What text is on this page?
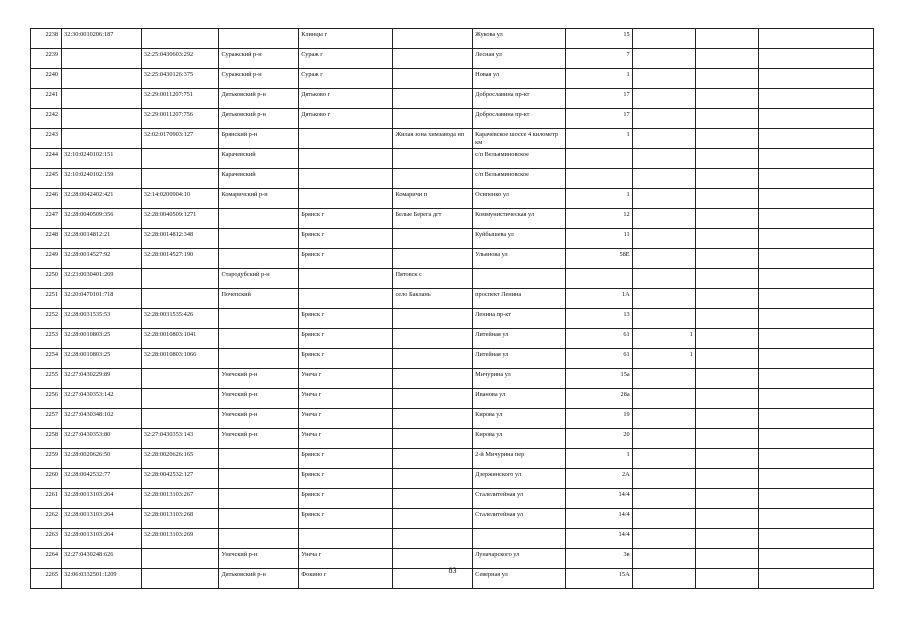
2238	32:30:0010206:187			Клинцы г		Жукова ул	15			
2239		32:25:0430603:292	Суражский р-н	Сураж г		Лесная ул	7			
2240		32:25:0430126:375	Суражский р-н	Сураж г		Новая ул	1			
2241		32:29:0011207:751	Дятьковский р-н	Дятьково г		Доброславина пр-кт	17			
2242		32:29:0011207:756	Дятьковский р-н	Дятьково г		Доброславина пр-кт	17			
2243		32:02:0170903:127	Брянский р-н		Жилая зона химзавода нп	Карачевское шоссе 4 километр км	1			
2244	32:10:0240102:151		Карачевский			с/п Вельяминовское				
2245	32:10:0240102:159		Карачевский			с/п Вельяминовское				
2246	32:28:0042402:421	32:14:0200904:10	Комаричский р-н		Комаричи п	Осипенко ул	1			
2247	32:28:0040509:356	32:28:0040509:1271		Брянск г	Белые Берега дгт	Коммунистическая ул	12			
2248	32:28:0014812:21	32:28:0014812:348		Брянск г		Куйбышева ул	11			
2249	32:28:0014527:92	32:28:0014527:190		Брянск г		Ульянова ул	58Е			
2250	32:23:0030401:269		Стародубский р-н		Пятовск с					
2251	32:20:0470101:718		Почепский		село Баклань	проспект Ленина	1А			
2252	32:28:0031535:53	32:28:0031535:426		Брянск г		Ленина пр-кт	13			
2253	32:28:0010803:25	32:28:0010803:1041		Брянск г		Литейная ул	61	1		
2254	32:28:0010803:25	32:28:0010803:1066		Брянск г		Литейная ул	61	1		
2255	32:27:0430229:89		Унечский р-н	Унеча г		Мичурина ул	15а			
2256	32:27:0430353:142		Унечский р-н	Унеча г		Иванова ул	28а			
2257	32:27:0430348:102		Унечский р-н	Унеча г		Кирова ул	19			
2258	32:27:0430353:80	32:27:0430353:143	Унечский р-н	Унеча г		Кирова ул	20			
2259	32:28:0020626:50	32:28:0020626:165		Брянск г		2-й Мичурина пер	1			
2260	32:28:0042532:77	32:28:0042532:127		Брянск г		Дзержинского ул	2А			
2261	32:28:0013103:264	32:28:0013103:267		Брянск г		Сталелитейная ул	14/4			
2262	32:28:0013103:264	32:28:0013103:268		Брянск г		Сталелитейная ул	14/4			
2263	32:28:0013103:264	32:28:0013103:269					14/4			
2264	32:27:0430248:626		Унечский р-н	Унеча г		Луначарского ул	3в			
2265	32:06:0332501:1209		Дятьковский р-н	Фокино г		Северная ул	15А			
83
